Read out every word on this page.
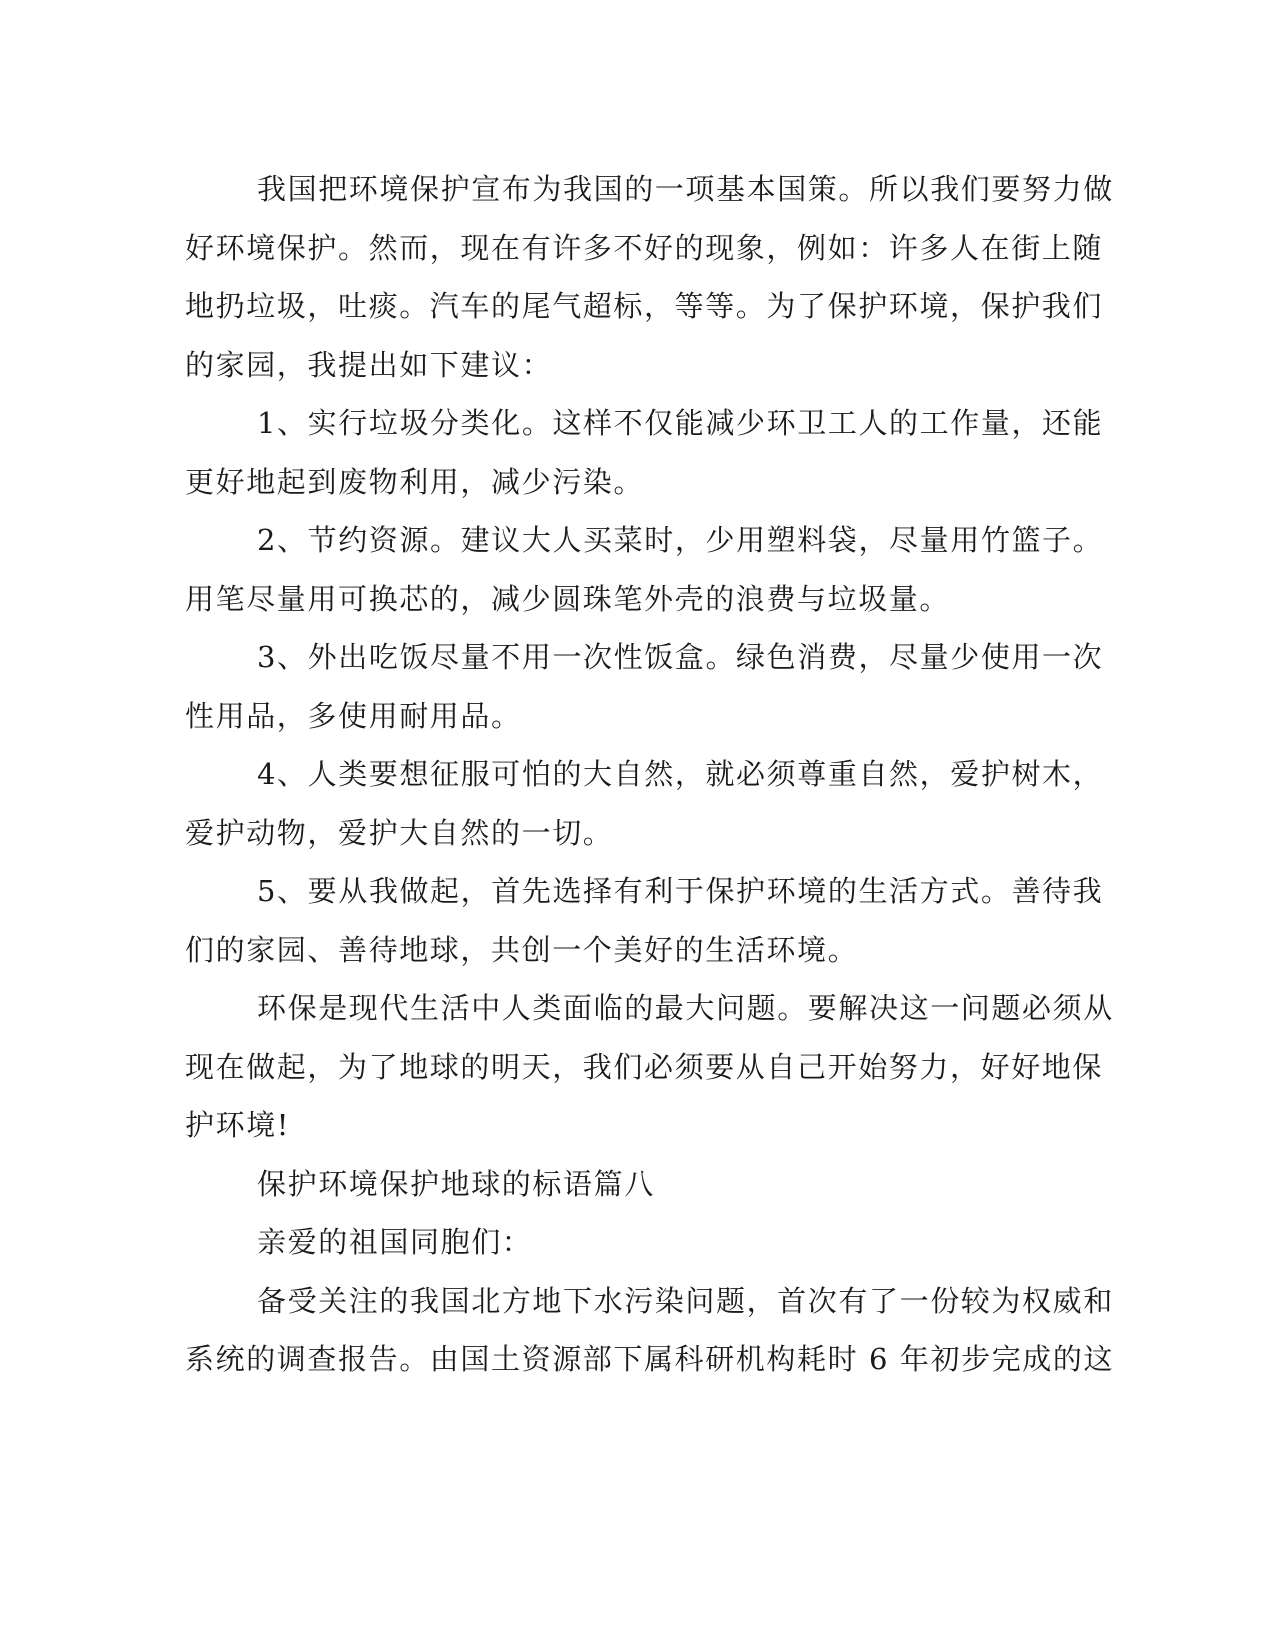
我国把环境保护宣布为我国的一项基本国策。所以我们要努力做
好环境保护。然而，现在有许多不好的现象，例如：许多人在街上随
地扔垃圾，吐痰。汽车的尾气超标，等等。为了保护环境，保护我们
的家园，我提出如下建议：
1、实行垃圾分类化。这样不仅能减少环卫工人的工作量，还能
更好地起到废物利用，减少污染。
2、节约资源。建议大人买菜时，少用塑料袋，尽量用竹篮子。
用笔尽量用可换芯的，减少圆珠笔外壳的浪费与垃圾量。
3、外出吃饭尽量不用一次性饭盒。绿色消费，尽量少使用一次
性用品，多使用耐用品。
4、人类要想征服可怕的大自然，就必须尊重自然，爱护树木，
爱护动物，爱护大自然的一切。
5、要从我做起，首先选择有利于保护环境的生活方式。善待我
们的家园、善待地球，共创一个美好的生活环境。
环保是现代生活中人类面临的最大问题。要解决这一问题必须从
现在做起，为了地球的明天，我们必须要从自己开始努力，好好地保
护环境!
保护环境保护地球的标语篇八
亲爱的祖国同胞们：
备受关注的我国北方地下水污染问题，首次有了一份较为权威和
系统的调查报告。由国土资源部下属科研机构耗时 6 年初步完成的这
